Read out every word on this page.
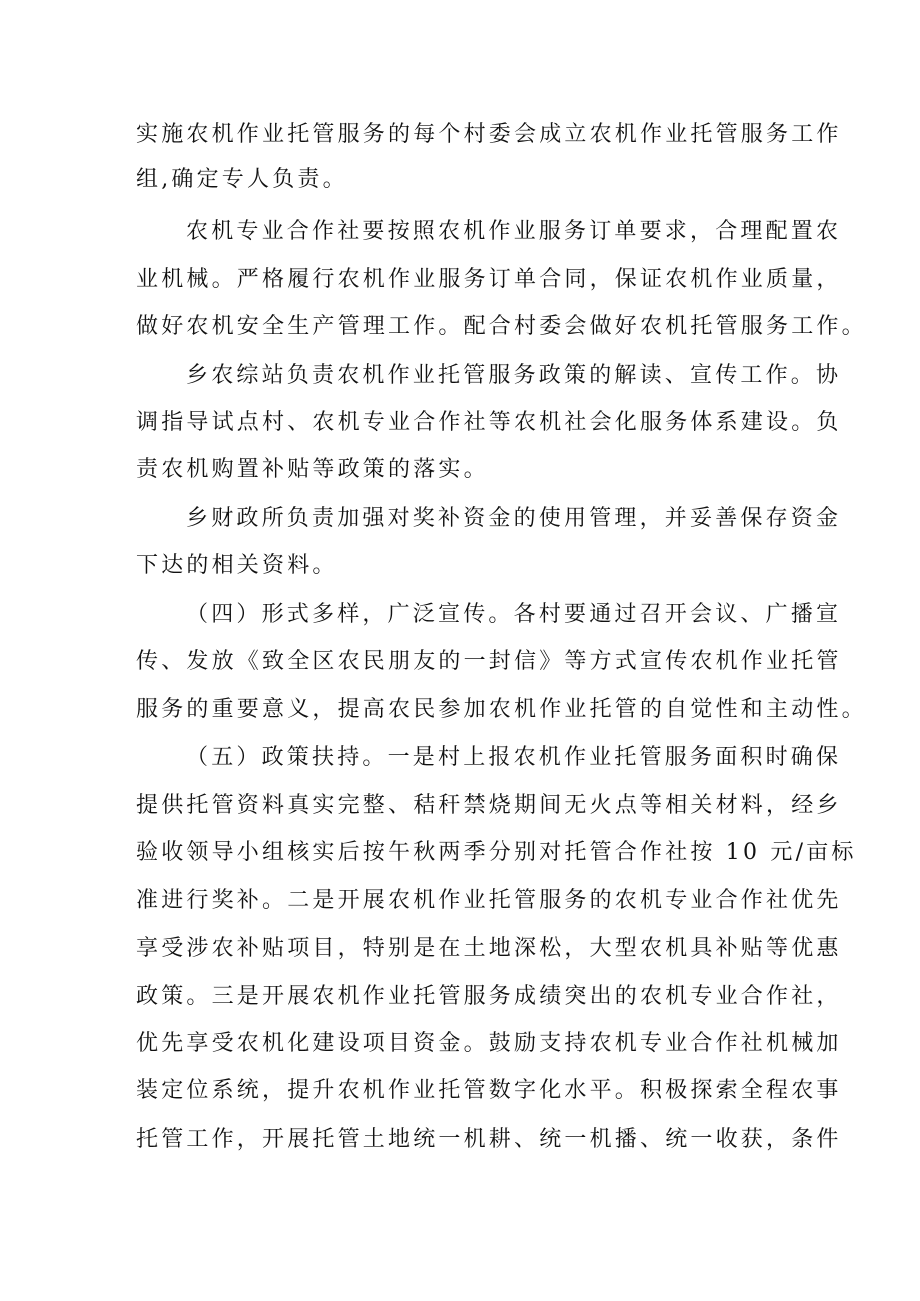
实施农机作业托管服务的每个村委会成立农机作业托管服务工作
组,确定专人负责。
农机专业合作社要按照农机作业服务订单要求，合理配置农
业机械。严格履行农机作业服务订单合同，保证农机作业质量，
做好农机安全生产管理工作。配合村委会做好农机托管服务工作。
乡农综站负责农机作业托管服务政策的解读、宣传工作。协
调指导试点村、农机专业合作社等农机社会化服务体系建设。负
责农机购置补贴等政策的落实。
乡财政所负责加强对奖补资金的使用管理，并妥善保存资金
下达的相关资料。
（四）形式多样，广泛宣传。各村要通过召开会议、广播宣
传、发放《致全区农民朋友的一封信》等方式宣传农机作业托管
服务的重要意义，提高农民参加农机作业托管的自觉性和主动性。
（五）政策扶持。一是村上报农机作业托管服务面积时确保
提供托管资料真实完整、秸秆禁烧期间无火点等相关材料，经乡
验收领导小组核实后按午秋两季分别对托管合作社按 10 元/亩标
准进行奖补。二是开展农机作业托管服务的农机专业合作社优先
享受涉农补贴项目，特别是在土地深松，大型农机具补贴等优惠
政策。三是开展农机作业托管服务成绩突出的农机专业合作社，
优先享受农机化建设项目资金。鼓励支持农机专业合作社机械加
装定位系统，提升农机作业托管数字化水平。积极探索全程农事
托管工作，开展托管土地统一机耕、统一机播、统一收获，条件
